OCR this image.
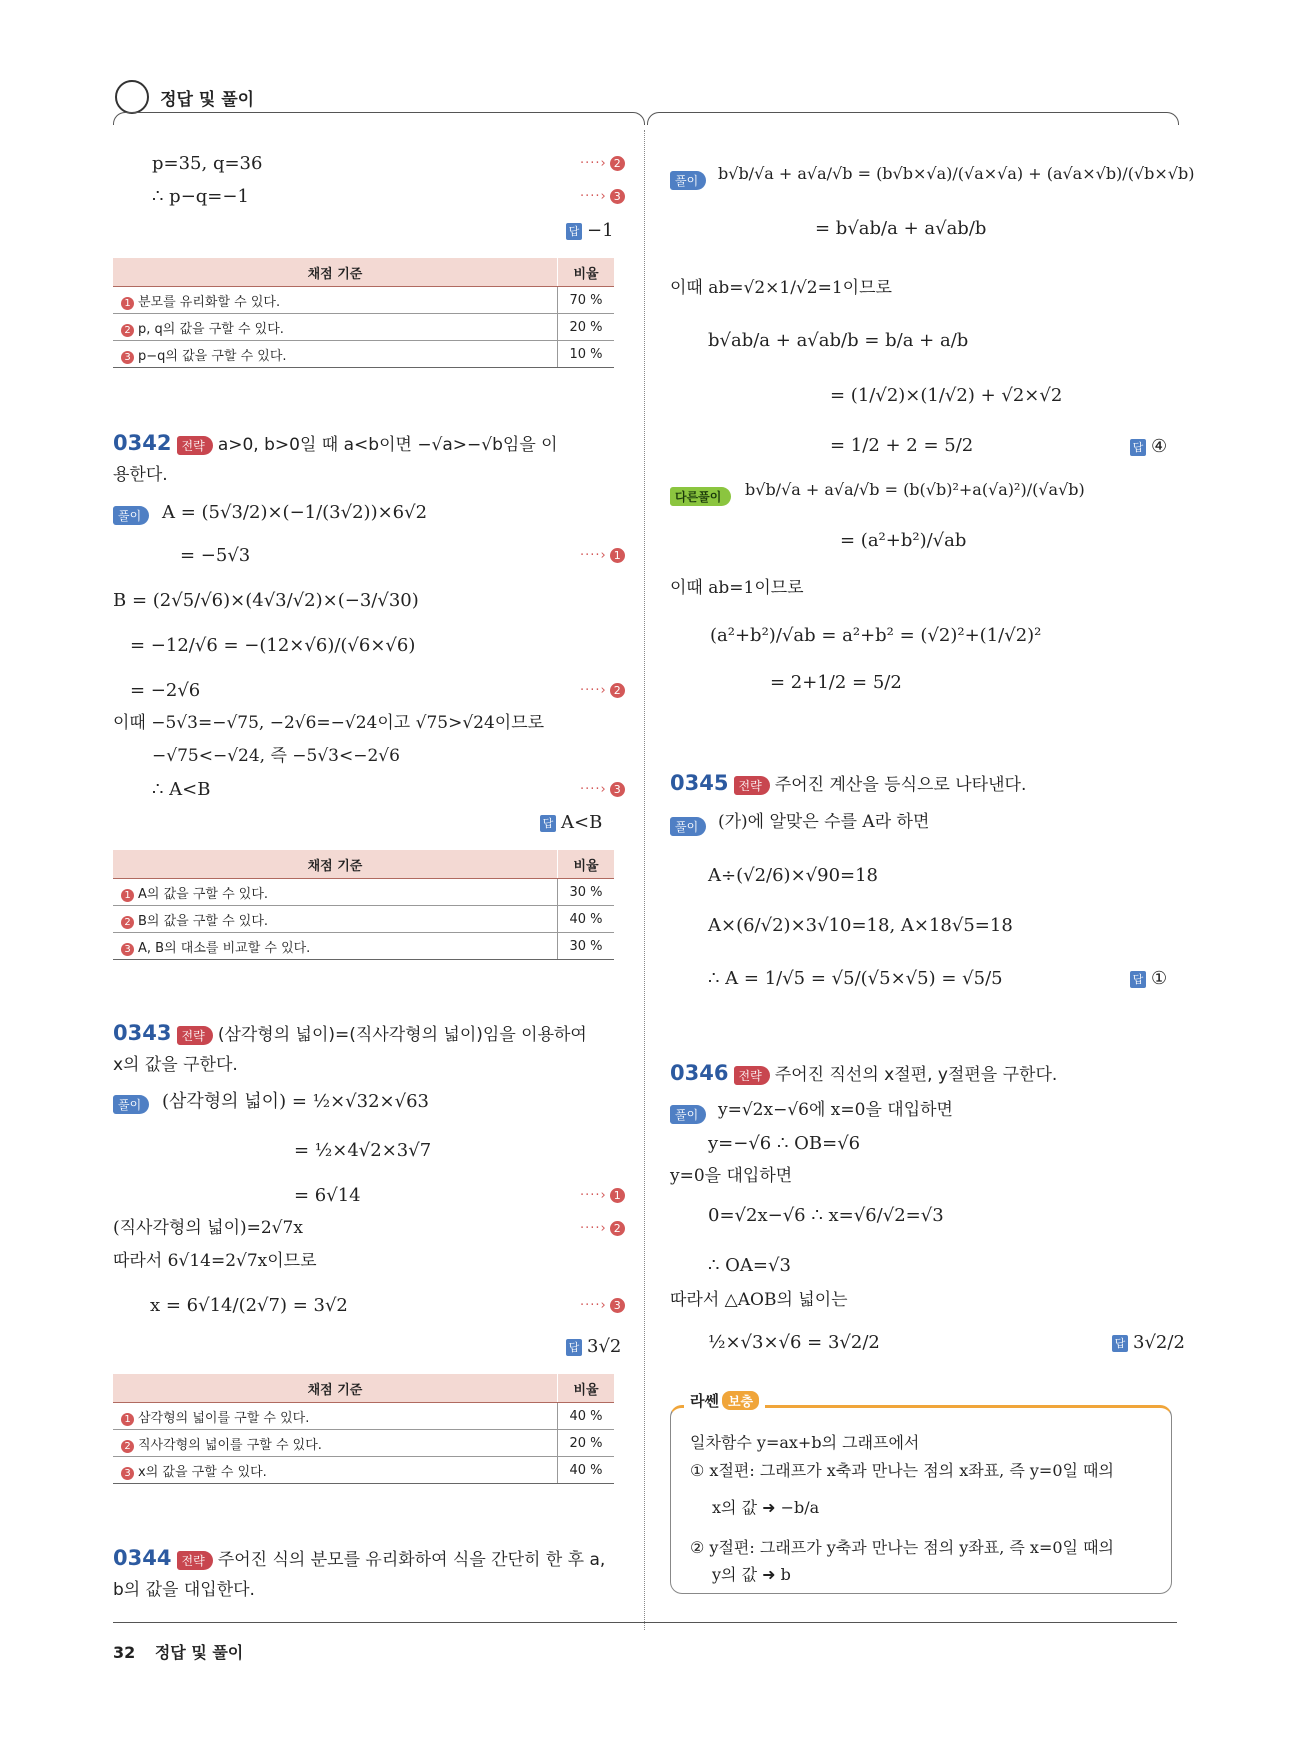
정답 및 풀이
p=35, q=36	····› 2
∴ p−q=−1	····› 3
답 −1
채점 기준	비율
1 분모를 유리화할 수 있다.	70 %
2 p, q의 값을 구할 수 있다.	20 %
3 p−q의 값을 구할 수 있다.	10 %
0342 전략 a>0, b>0일 때 a<b이면 −√a>−√b임을 이
용한다.
풀이	A = (5√3/2)×(−1/(3√2))×6√2
= −5√3	····› 1
B = (2√5/√6)×(4√3/√2)×(−3/√30)
= −12/√6 = −(12×√6)/(√6×√6)
= −2√6	····› 2
이때 −5√3=−√75, −2√6=−√24이고 √75>√24이므로
−√75<−√24, 즉 −5√3<−2√6
∴ A<B	····› 3
답 A<B
채점 기준	비율
1 A의 값을 구할 수 있다.	30 %
2 B의 값을 구할 수 있다.	40 %
3 A, B의 대소를 비교할 수 있다.	30 %
0343 전략 (삼각형의 넓이)=(직사각형의 넓이)임을 이용하여
x의 값을 구한다.
풀이	(삼각형의 넓이) = ½×√32×√63
= ½×4√2×3√7
= 6√14	····› 1
(직사각형의 넓이)=2√7x	····› 2
따라서 6√14=2√7x이므로
x = 6√14/(2√7) = 3√2	····› 3
답 3√2
채점 기준	비율
1 삼각형의 넓이를 구할 수 있다.	40 %
2 직사각형의 넓이를 구할 수 있다.	20 %
3 x의 값을 구할 수 있다.	40 %
0344 전략 주어진 식의 분모를 유리화하여 식을 간단히 한 후 a,
b의 값을 대입한다.
풀이	b√b/√a + a√a/√b = (b√b×√a)/(√a×√a) + (a√a×√b)/(√b×√b)
= b√ab/a + a√ab/b
이때 ab=√2×1/√2=1이므로
b√ab/a + a√ab/b = b/a + a/b
= (1/√2)×(1/√2) + √2×√2
= 1/2 + 2 = 5/2	답 ④
다른풀이	b√b/√a + a√a/√b = (b(√b)²+a(√a)²)/(√a√b)
= (a²+b²)/√ab
이때 ab=1이므로
(a²+b²)/√ab = a²+b² = (√2)²+(1/√2)²
= 2+1/2 = 5/2
0345 전략 주어진 계산을 등식으로 나타낸다.
풀이	(가)에 알맞은 수를 A라 하면
A÷(√2/6)×√90=18
A×(6/√2)×3√10=18, A×18√5=18
∴ A = 1/√5 = √5/(√5×√5) = √5/5	답 ①
0346 전략 주어진 직선의 x절편, y절편을 구한다.
풀이	y=√2x−√6에 x=0을 대입하면
y=−√6 ∴ OB=√6
y=0을 대입하면
0=√2x−√6 ∴ x=√6/√2=√3
∴ OA=√3
따라서 △AOB의 넓이는
½×√3×√6 = 3√2/2	답 3√2/2
라쎈 보충
일차함수 y=ax+b의 그래프에서
① x절편: 그래프가 x축과 만나는 점의 x좌표, 즉 y=0일 때의
x의 값 ➜ −b/a
② y절편: 그래프가 y축과 만나는 점의 y좌표, 즉 x=0일 때의
y의 값 ➜ b
32 정답 및 풀이
